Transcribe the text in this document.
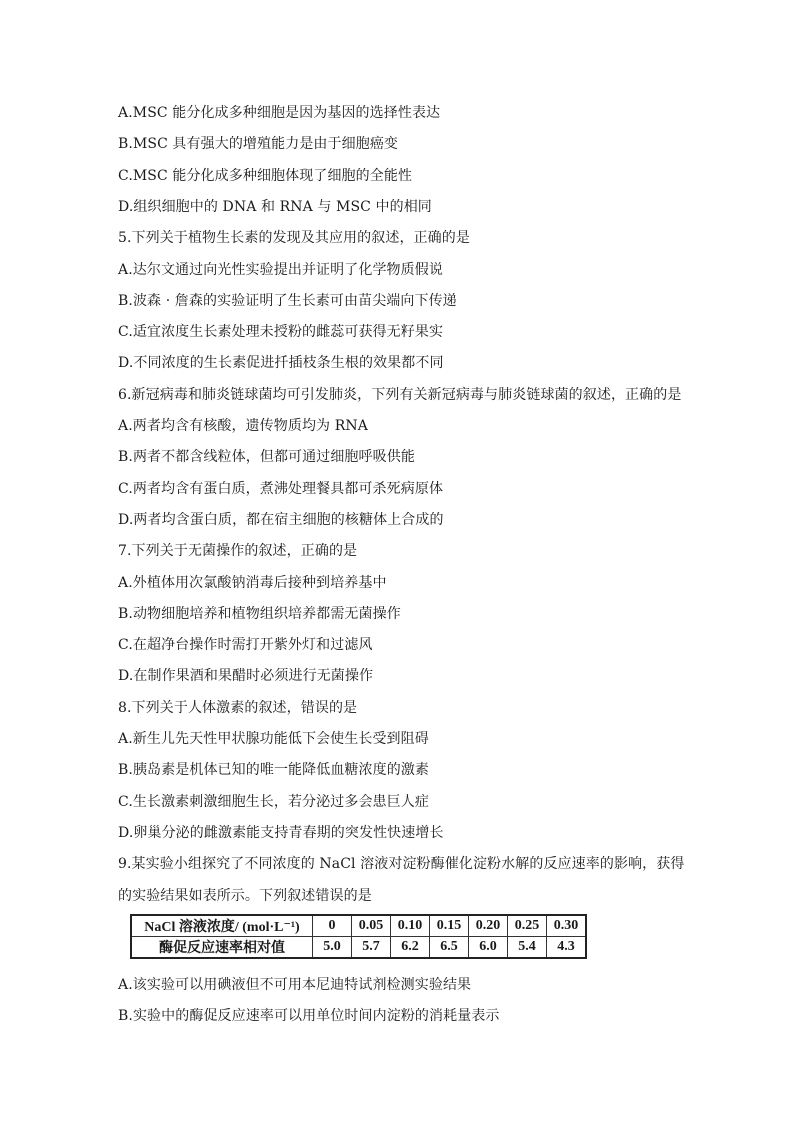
A.MSC 能分化成多种细胞是因为基因的选择性表达
B.MSC 具有强大的增殖能力是由于细胞癌变
C.MSC 能分化成多种细胞体现了细胞的全能性
D.组织细胞中的 DNA 和 RNA 与 MSC 中的相同
5.下列关于植物生长素的发现及其应用的叙述，正确的是
A.达尔文通过向光性实验提出并证明了化学物质假说
B.波森 · 詹森的实验证明了生长素可由苗尖端向下传递
C.适宜浓度生长素处理未授粉的雌蕊可获得无籽果实
D.不同浓度的生长素促进扦插枝条生根的效果都不同
6.新冠病毒和肺炎链球菌均可引发肺炎，下列有关新冠病毒与肺炎链球菌的叙述，正确的是
A.两者均含有核酸，遗传物质均为 RNA
B.两者不都含线粒体，但都可通过细胞呼吸供能
C.两者均含有蛋白质，煮沸处理餐具都可杀死病原体
D.两者均含蛋白质，都在宿主细胞的核糖体上合成的
7.下列关于无菌操作的叙述，正确的是
A.外植体用次氯酸钠消毒后接种到培养基中
B.动物细胞培养和植物组织培养都需无菌操作
C.在超净台操作时需打开紫外灯和过滤风
D.在制作果酒和果醋时必须进行无菌操作
8.下列关于人体激素的叙述，错误的是
A.新生儿先天性甲状腺功能低下会使生长受到阻碍
B.胰岛素是机体已知的唯一能降低血糖浓度的激素
C.生长激素刺激细胞生长，若分泌过多会患巨人症
D.卵巢分泌的雌激素能支持青春期的突发性快速增长
9.某实验小组探究了不同浓度的 NaCl 溶液对淀粉酶催化淀粉水解的反应速率的影响，获得
的实验结果如表所示。下列叙述错误的是
NaCl 溶液浓度/ (mol·L⁻¹)	0	0.05	0.10	0.15	0.20	0.25	0.30
酶促反应速率相对值	5.0	5.7	6.2	6.5	6.0	5.4	4.3
A.该实验可以用碘液但不可用本尼迪特试剂检测实验结果
B.实验中的酶促反应速率可以用单位时间内淀粉的消耗量表示
